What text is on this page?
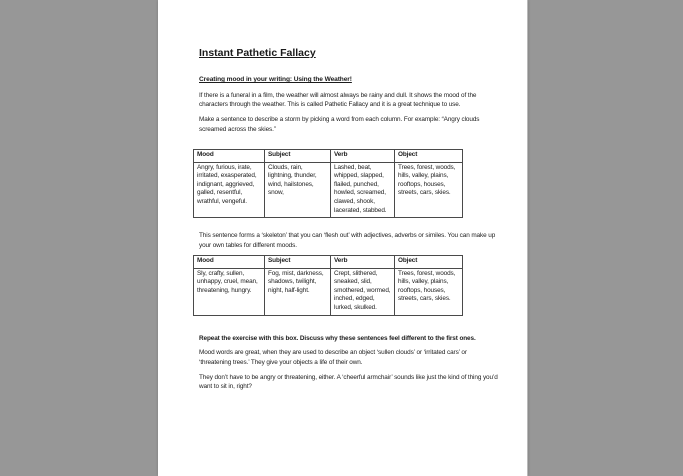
Instant Pathetic Fallacy
Creating mood in your writing: Using the Weather!

If there is a funeral in a film, the weather will almost always be rainy and dull. It shows the mood of the characters through the weather. This is called Pathetic Fallacy and it is a great technique to use.

Make a sentence to describe a storm by picking a word from each column. For example: “Angry clouds screamed across the skies.”

Mood	Subject	Verb	Object
Angry, furious, irate, irritated, exasperated, indignant, aggrieved, galled, resentful, wrathful, vengeful.	Clouds, rain, lightning, thunder, wind, hailstones, snow,	Lashed, beat, whipped, slapped, flailed, punched, howled, screamed, clawed, shook, lacerated, stabbed.	Trees, forest, woods, hills, valley, plains, rooftops, houses, streets, cars, skies.

This sentence forms a ‘skeleton’ that you can ‘flesh out’ with adjectives, adverbs or similes. You can make up your own tables for different moods.

Mood	Subject	Verb	Object
Sly, crafty, sullen, unhappy, cruel, mean, threatening, hungry.	Fog, mist, darkness, shadows, twilight, night, half-light.	Crept, slithered, sneaked, slid, smothered, wormed, inched, edged, lurked, skulked.	Trees, forest, woods, hills, valley, plains, rooftops, houses, streets, cars, skies.

Repeat the exercise with this box. Discuss why these sentences feel different to the first ones.

Mood words are great, when they are used to describe an object ‘sullen clouds’ or ‘irritated cars’ or ‘threatening trees.’ They give your objects a life of their own.

They don’t have to be angry or threatening, either. A ‘cheerful armchair’ sounds like just the kind of thing you’d want to sit in, right?
